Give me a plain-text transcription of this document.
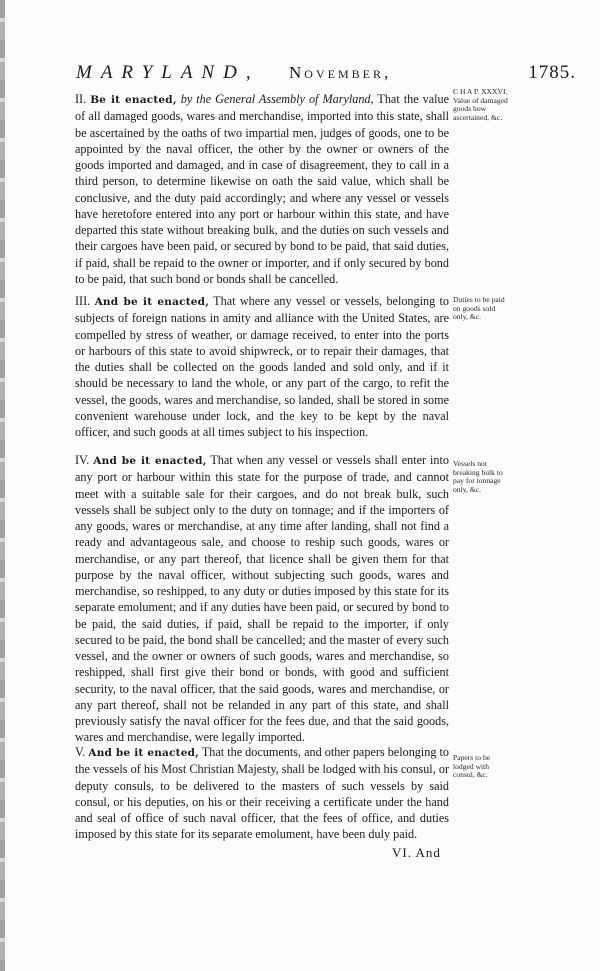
MARYLAND, November,	1785.
II. Be it enacted, by the General Assembly of Maryland, That the value of all damaged goods, wares and merchandise, imported into this state, shall be ascertained by the oaths of two impartial men, judges of goods, one to be appointed by the naval officer, the other by the owner or owners of the goods imported and damaged, and in case of disagreement, they to call in a third person, to determine likewise on oath the said value, which shall be conclusive, and the duty paid accordingly; and where any vessel or vessels have heretofore entered into any port or harbour within this state, and have departed this state without breaking bulk, and the duties on such vessels and their cargoes have been paid, or secured by bond to be paid, that said duties, if paid, shall be repaid to the owner or importer, and if only secured by bond to be paid, that such bond or bonds shall be cancelled.
III. And be it enacted, That where any vessel or vessels, belonging to subjects of foreign nations in amity and alliance with the United States, are compelled by stress of weather, or damage received, to enter into the ports or harbours of this state to avoid shipwreck, or to repair their damages, that the duties shall be collected on the goods landed and sold only, and if it should be necessary to land the whole, or any part of the cargo, to refit the vessel, the goods, wares and merchandise, so landed, shall be stored in some convenient warehouse under lock, and the key to be kept by the naval officer, and such goods at all times subject to his inspection.
IV. And be it enacted, That when any vessel or vessels shall enter into any port or harbour within this state for the purpose of trade, and cannot meet with a suitable sale for their cargoes, and do not break bulk, such vessels shall be subject only to the duty on tonnage; and if the importers of any goods, wares or merchandise, at any time after landing, shall not find a ready and advantageous sale, and choose to reship such goods, wares or merchandise, or any part thereof, that licence shall be given them for that purpose by the naval officer, without subjecting such goods, wares and merchandise, so reshipped, to any duty or duties imposed by this state for its separate emolument; and if any duties have been paid, or secured by bond to be paid, the said duties, if paid, shall be repaid to the importer, if only secured to be paid, the bond shall be cancelled; and the master of every such vessel, and the owner or owners of such goods, wares and merchandise, so reshipped, shall first give their bond or bonds, with good and sufficient security, to the naval officer, that the said goods, wares and merchandise, or any part thereof, shall not be relanded in any part of this state, and shall previously satisfy the naval officer for the fees due, and that the said goods, wares and merchandise, were legally imported.
V. And be it enacted, That the documents, and other papers belonging to the vessels of his Most Christian Majesty, shall be lodged with his consul, or deputy consuls, to be delivered to the masters of such vessels by said consul, or his deputies, on his or their receiving a certificate under the hand and seal of office of such naval officer, that the fees of office, and duties imposed by this state for its separate emolument, have been duly paid.
C H A P. XXXVI. Value of damaged goods how ascertained, &c.
Duties to be paid on goods sold only, &c.
Vessels not breaking bulk to pay for tonnage only, &c.
Papers to be lodged with consul, &c.
VI. And
